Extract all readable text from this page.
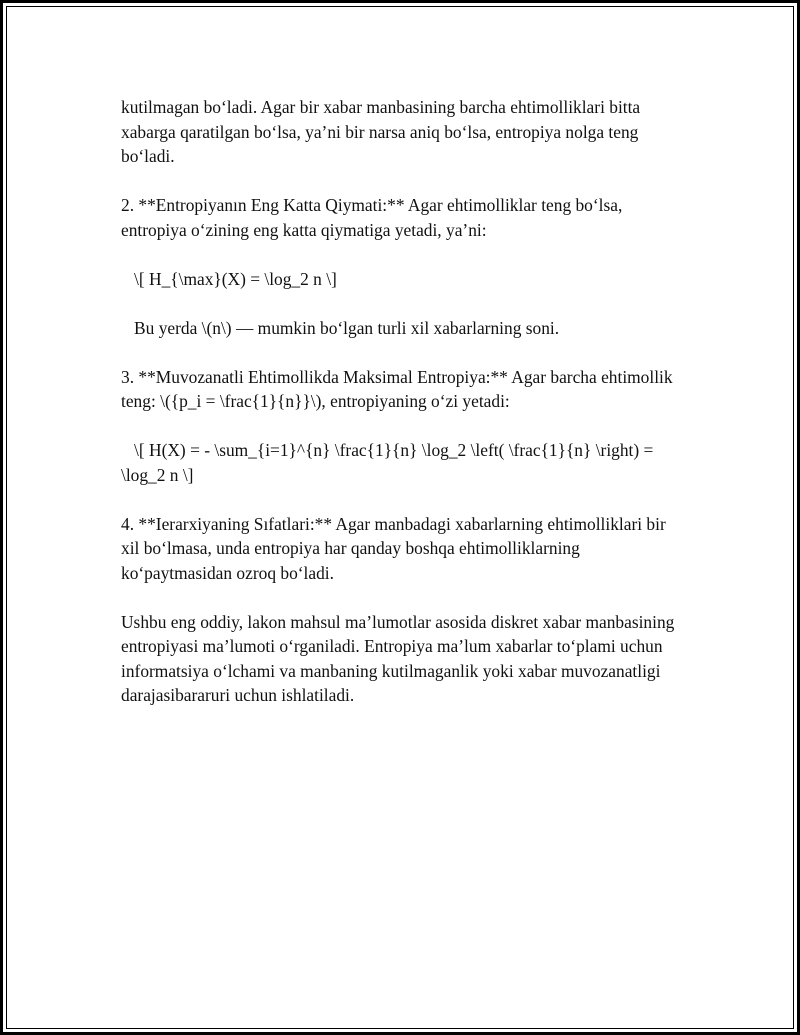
kutilmagan bo‘ladi. Agar bir xabar manbasining barcha ehtimolliklari bitta xabarga qaratilgan bo‘lsa, ya’ni bir narsa aniq bo‘lsa, entropiya nolga teng bo‘ladi.

2. **Entropiyanın Eng Katta Qiymati:** Agar ehtimolliklar teng bo‘lsa, entropiya o‘zining eng katta qiymatiga yetadi, ya’ni:

\[ H_{\max}(X) = \log_2 n \]

Bu yerda \(n\) — mumkin bo‘lgan turli xil xabarlarning soni.

3. **Muvozanatli Ehtimollikda Maksimal Entropiya:** Agar barcha ehtimollik teng: \({p_i = \frac{1}{n}}\), entropiyaning o‘zi yetadi:

\[ H(X) = - \sum_{i=1}^{n} \frac{1}{n} \log_2 \left( \frac{1}{n} \right) = \log_2 n \]

4. **Ierarxiyaning Sıfatlari:** Agar manbadagi xabarlarning ehtimolliklari bir xil bo‘lmasa, unda entropiya har qanday boshqa ehtimolliklarning ko‘paytmasidan ozroq bo‘ladi.

Ushbu eng oddiy, lakon mahsul ma’lumotlar asosida diskret xabar manbasining entropiyasi ma’lumoti o‘rganiladi. Entropiya ma’lum xabarlar to‘plami uchun informatsiya o‘lchami va manbaning kutilmaganlik yoki xabar muvozanatligi darajasibararuri uchun ishlatiladi.
